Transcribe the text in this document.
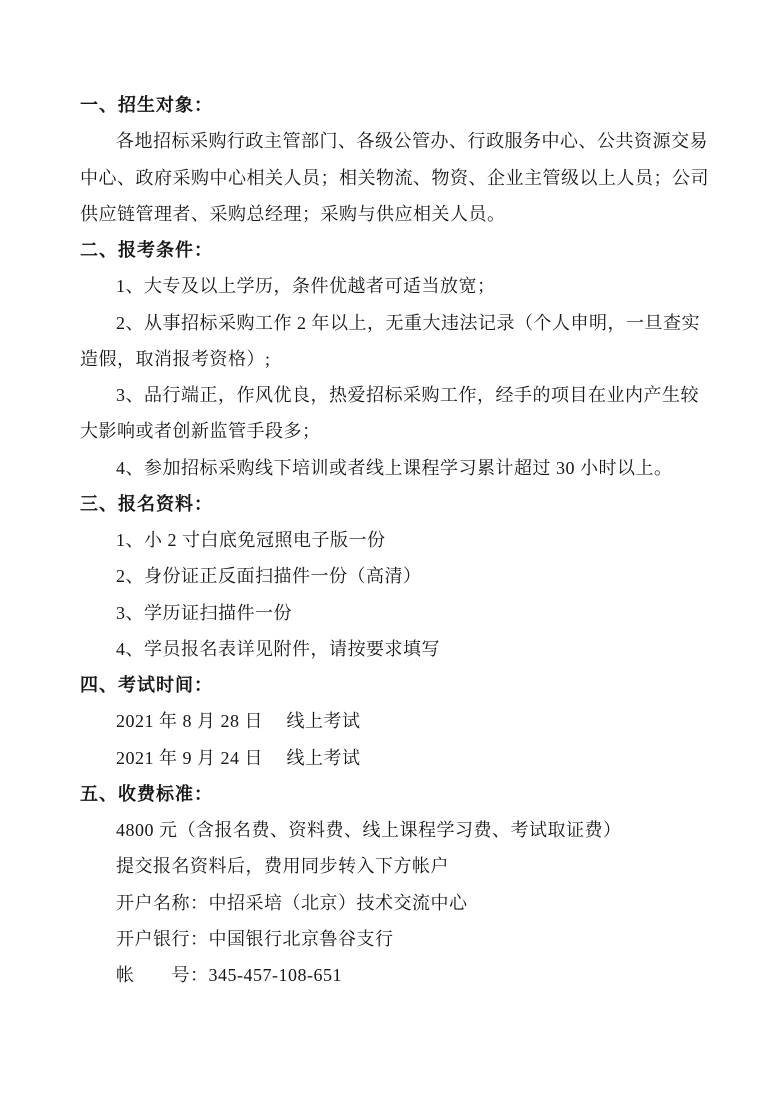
一、招生对象：
各地招标采购行政主管部门、各级公管办、行政服务中心、公共资源交易
中心、政府采购中心相关人员；相关物流、物资、企业主管级以上人员；公司
供应链管理者、采购总经理；采购与供应相关人员。
二、报考条件：
1、大专及以上学历，条件优越者可适当放宽；
2、从事招标采购工作 2 年以上，无重大违法记录（个人申明，一旦查实
造假，取消报考资格）;
3、品行端正，作风优良，热爱招标采购工作，经手的项目在业内产生较
大影响或者创新监管手段多；
4、参加招标采购线下培训或者线上课程学习累计超过 30 小时以上。
三、报名资料：
1、小 2 寸白底免冠照电子版一份
2、身份证正反面扫描件一份（高清）
3、学历证扫描件一份
4、学员报名表详见附件，请按要求填写
四、考试时间：
2021 年 8 月 28 日　 线上考试
2021 年 9 月 24 日　 线上考试
五、收费标准：
4800 元（含报名费、资料费、线上课程学习费、考试取证费）
提交报名资料后，费用同步转入下方帐户
开户名称：中招采培（北京）技术交流中心
开户银行：中国银行北京鲁谷支行
帐　　号：345-457-108-651
